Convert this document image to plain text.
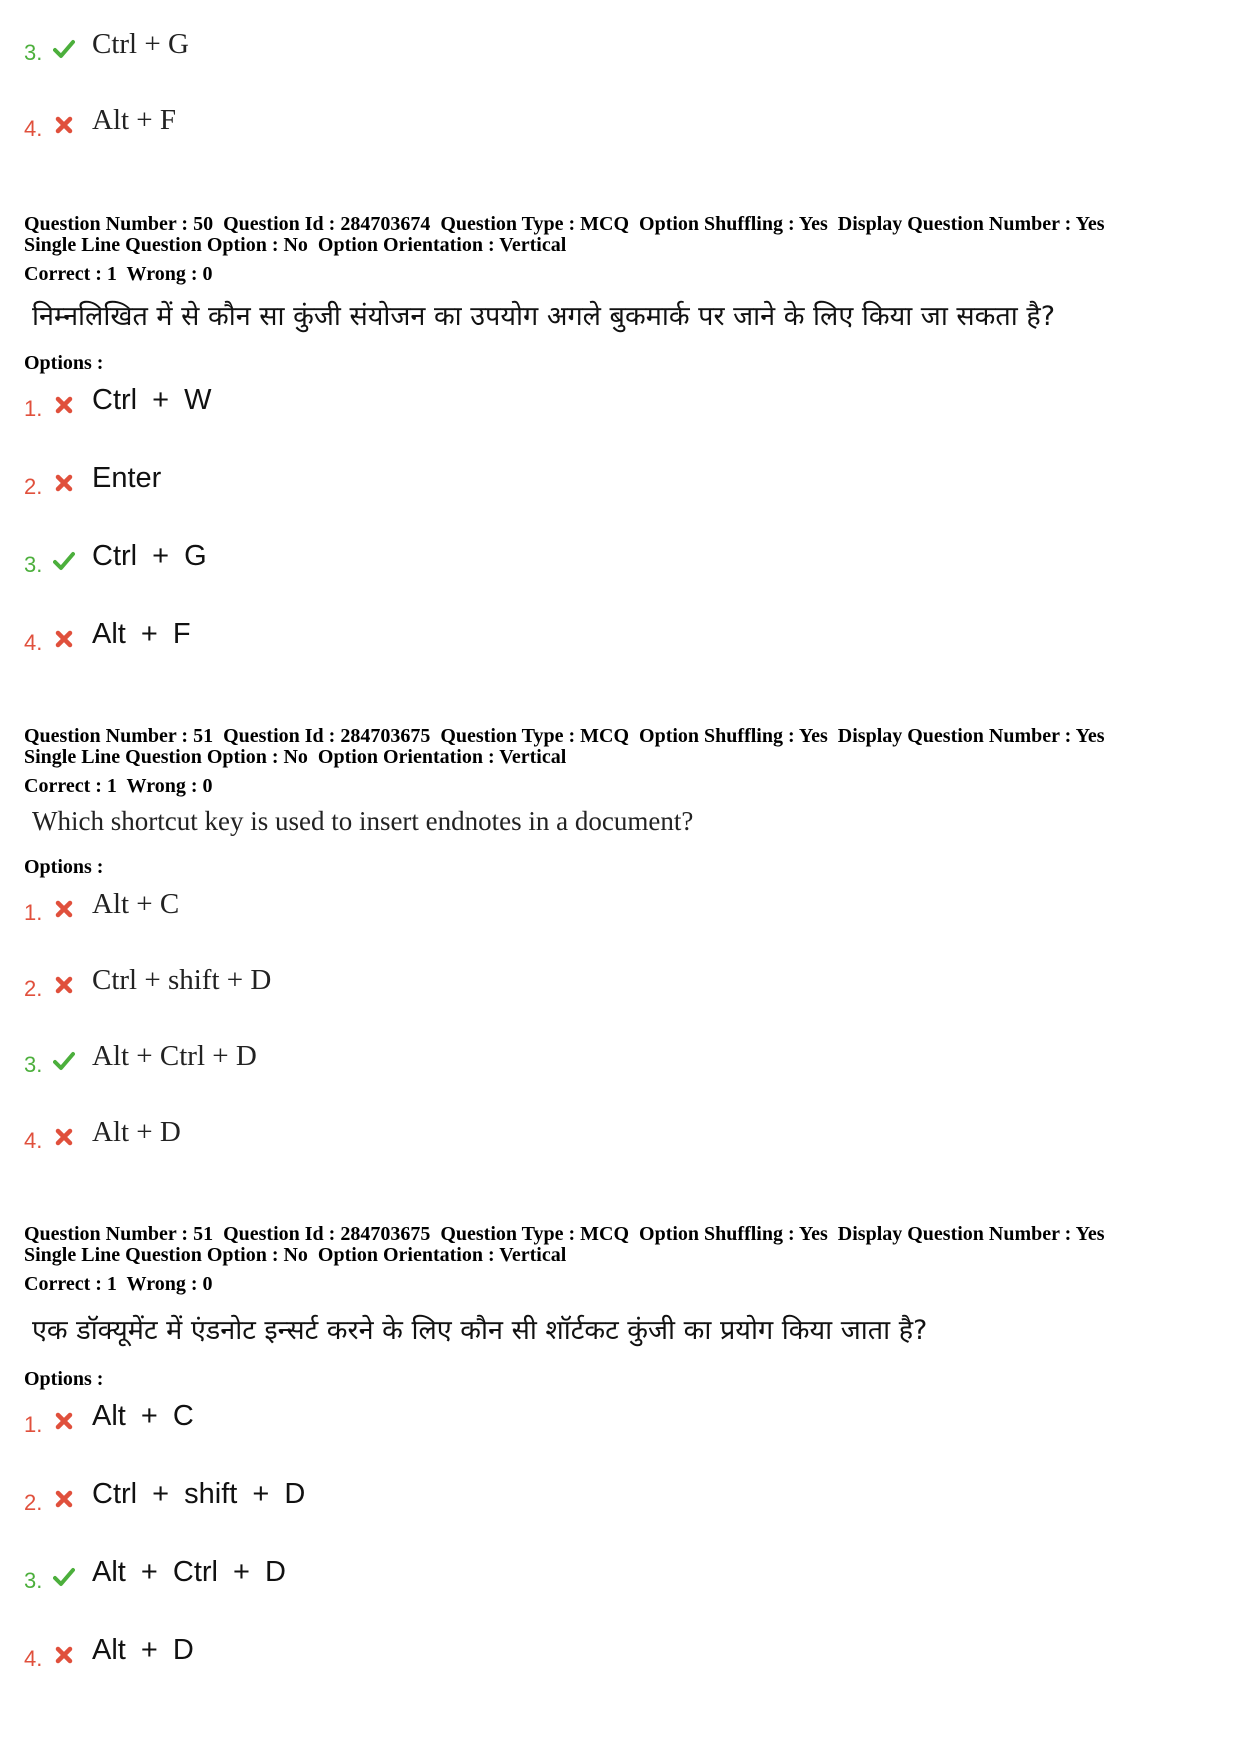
3. Ctrl + G
4. Alt + F
Question Number : 50  Question Id : 284703674  Question Type : MCQ  Option Shuffling : Yes  Display Question Number : Yes
Single Line Question Option : No  Option Orientation : Vertical
Correct : 1  Wrong : 0
निम्नलिखित में से कौन सा कुंजी संयोजन का उपयोग अगले बुकमार्क पर जाने के लिए किया जा सकता है?
Options :
1. Ctrl + W
2. Enter
3. Ctrl + G
4. Alt + F
Question Number : 51  Question Id : 284703675  Question Type : MCQ  Option Shuffling : Yes  Display Question Number : Yes
Single Line Question Option : No  Option Orientation : Vertical
Correct : 1  Wrong : 0
Which shortcut key is used to insert endnotes in a document?
Options :
1. Alt + C
2. Ctrl + shift + D
3. Alt + Ctrl + D
4. Alt + D
Question Number : 51  Question Id : 284703675  Question Type : MCQ  Option Shuffling : Yes  Display Question Number : Yes
Single Line Question Option : No  Option Orientation : Vertical
Correct : 1  Wrong : 0
एक डॉक्यूमेंट में एंडनोट इन्सर्ट करने के लिए कौन सी शॉर्टकट कुंजी का प्रयोग किया जाता है?
Options :
1. Alt + C
2. Ctrl + shift + D
3. Alt + Ctrl + D
4. Alt + D
